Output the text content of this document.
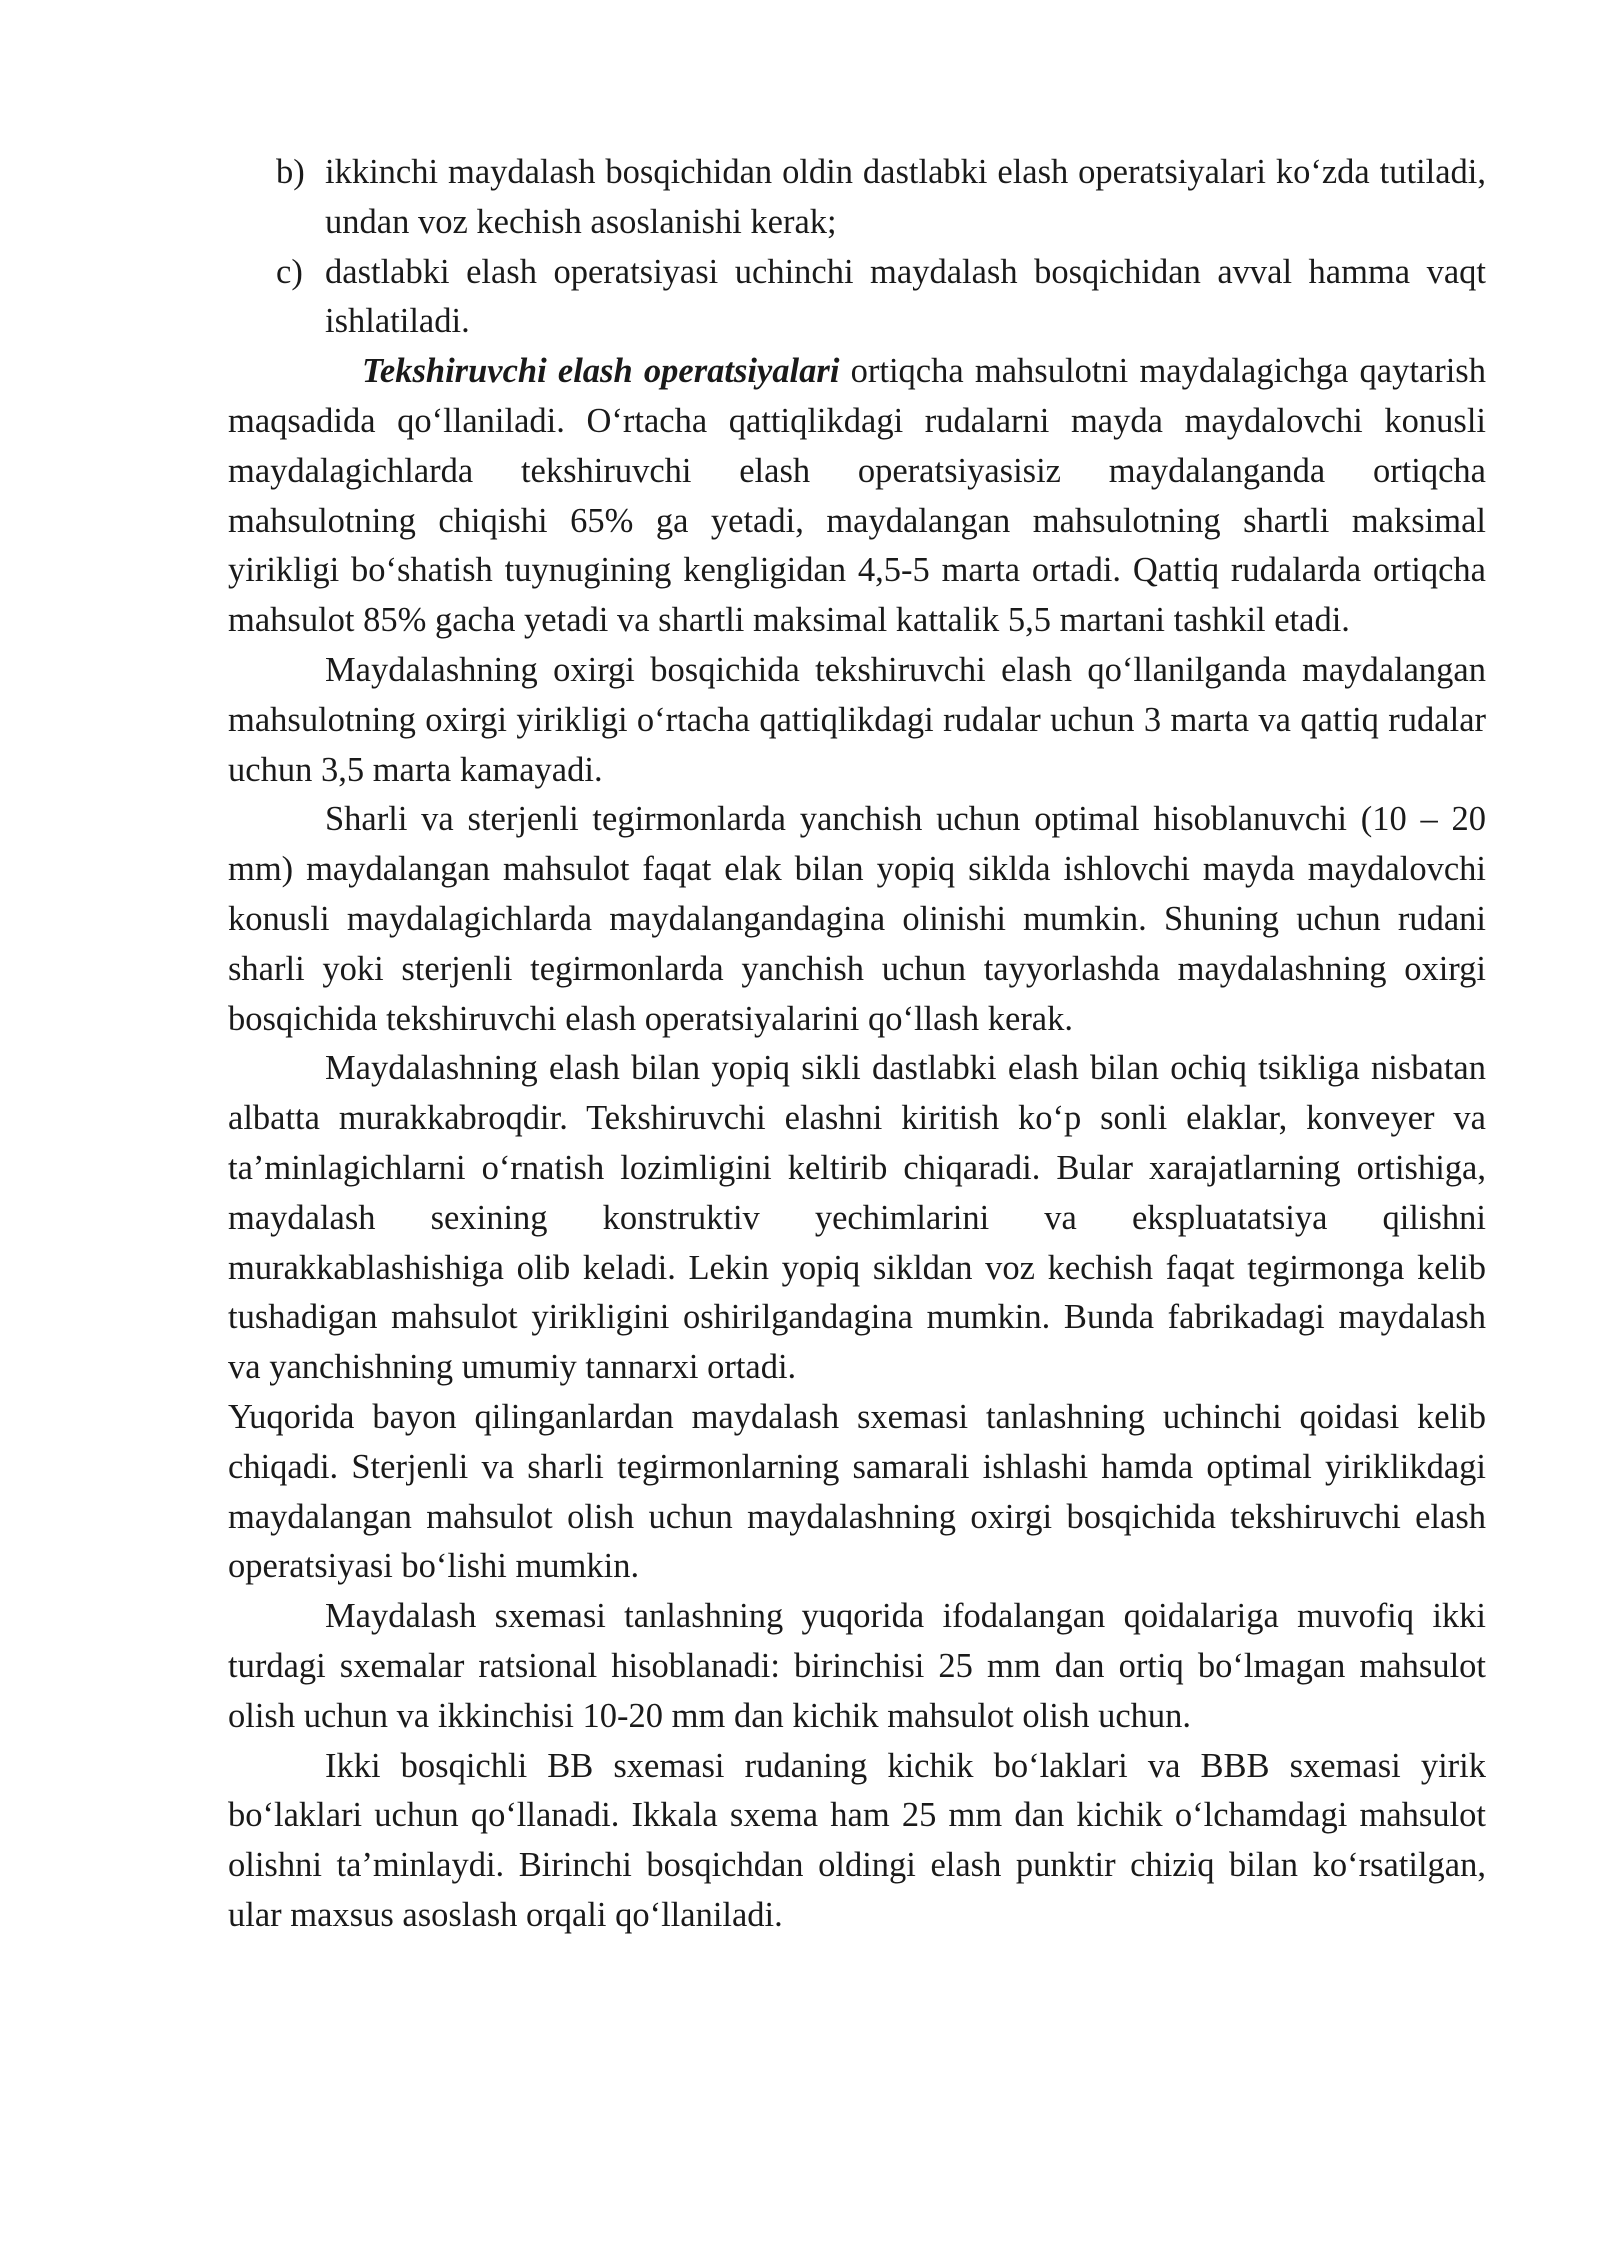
b) ikkinchi maydalash bosqichidan oldin dastlabki elash operatsiyalari ko‘zda tutiladi, undan voz kechish asoslanishi kerak;
c) dastlabki elash operatsiyasi uchinchi maydalash bosqichidan avval hamma vaqt ishlatiladi.

Tekshiruvchi elash operatsiyalari ortiqcha mahsulotni maydalagichga qaytarish maqsadida qo‘llaniladi. O‘rtacha qattiqlikdagi rudalarni mayda maydalovchi konusli maydalagichlarda tekshiruvchi elash operatsiyasisiz maydalanganda ortiqcha mahsulotning chiqishi 65% ga yetadi, maydalangan mahsulotning shartli maksimal yirikligi bo‘shatish tuynugining kengligidan 4,5-5 marta ortadi. Qattiq rudalarda ortiqcha mahsulot 85% gacha yetadi va shartli maksimal kattalik 5,5 martani tashkil etadi.

Maydalashning oxirgi bosqichida tekshiruvchi elash qo‘llanilganda maydalangan mahsulotning oxirgi yirikligi o‘rtacha qattiqlikdagi rudalar uchun 3 marta va qattiq rudalar uchun 3,5 marta kamayadi.

Sharli va sterjenli tegirmonlarda yanchish uchun optimal hisoblanuvchi (10 – 20 mm) maydalangan mahsulot faqat elak bilan yopiq siklda ishlovchi mayda maydalovchi konusli maydalagichlarda maydalangandagina olinishi mumkin. Shuning uchun rudani sharli yoki sterjenli tegirmonlarda yanchish uchun tayyorlashda maydalashning oxirgi bosqichida tekshiruvchi elash operatsiyalarini qo‘llash kerak.

Maydalashning elash bilan yopiq sikli dastlabki elash bilan ochiq tsikliga nisbatan albatta murakkabroqdir. Tekshiruvchi elashni kiritish ko‘p sonli elaklar, konveyer va ta’minlagichlarni o‘rnatish lozimligini keltirib chiqaradi. Bular xarajatlarning ortishiga, maydalash sexining konstruktiv yechimlarini va ekspluatatsiya qilishni murakkablashishiga olib keladi. Lekin yopiq sikldan voz kechish faqat tegirmonga kelib tushadigan mahsulot yirikligini oshirilgandagina mumkin. Bunda fabrikadagi maydalash va yanchishning umumiy tannarxi ortadi.

Yuqorida bayon qilinganlardan maydalash sxemasi tanlashning uchinchi qoidasi kelib chiqadi. Sterjenli va sharli tegirmonlarning samarali ishlashi hamda optimal yiriklikdagi maydalangan mahsulot olish uchun maydalashning oxirgi bosqichida tekshiruvchi elash operatsiyasi bo‘lishi mumkin.

Maydalash sxemasi tanlashning yuqorida ifodalangan qoidalariga muvofiq ikki turdagi sxemalar ratsional hisoblanadi: birinchisi 25 mm dan ortiq bo‘lmagan mahsulot olish uchun va ikkinchisi 10-20 mm dan kichik mahsulot olish uchun.

Ikki bosqichli BB sxemasi rudaning kichik bo‘laklari va BBB sxemasi yirik bo‘laklari uchun qo‘llanadi. Ikkala sxema ham 25 mm dan kichik o‘lchamdagi mahsulot olishni ta’minlaydi. Birinchi bosqichdan oldingi elash punktir chiziq bilan ko‘rsatilgan, ular maxsus asoslash orqali qo‘llaniladi.
